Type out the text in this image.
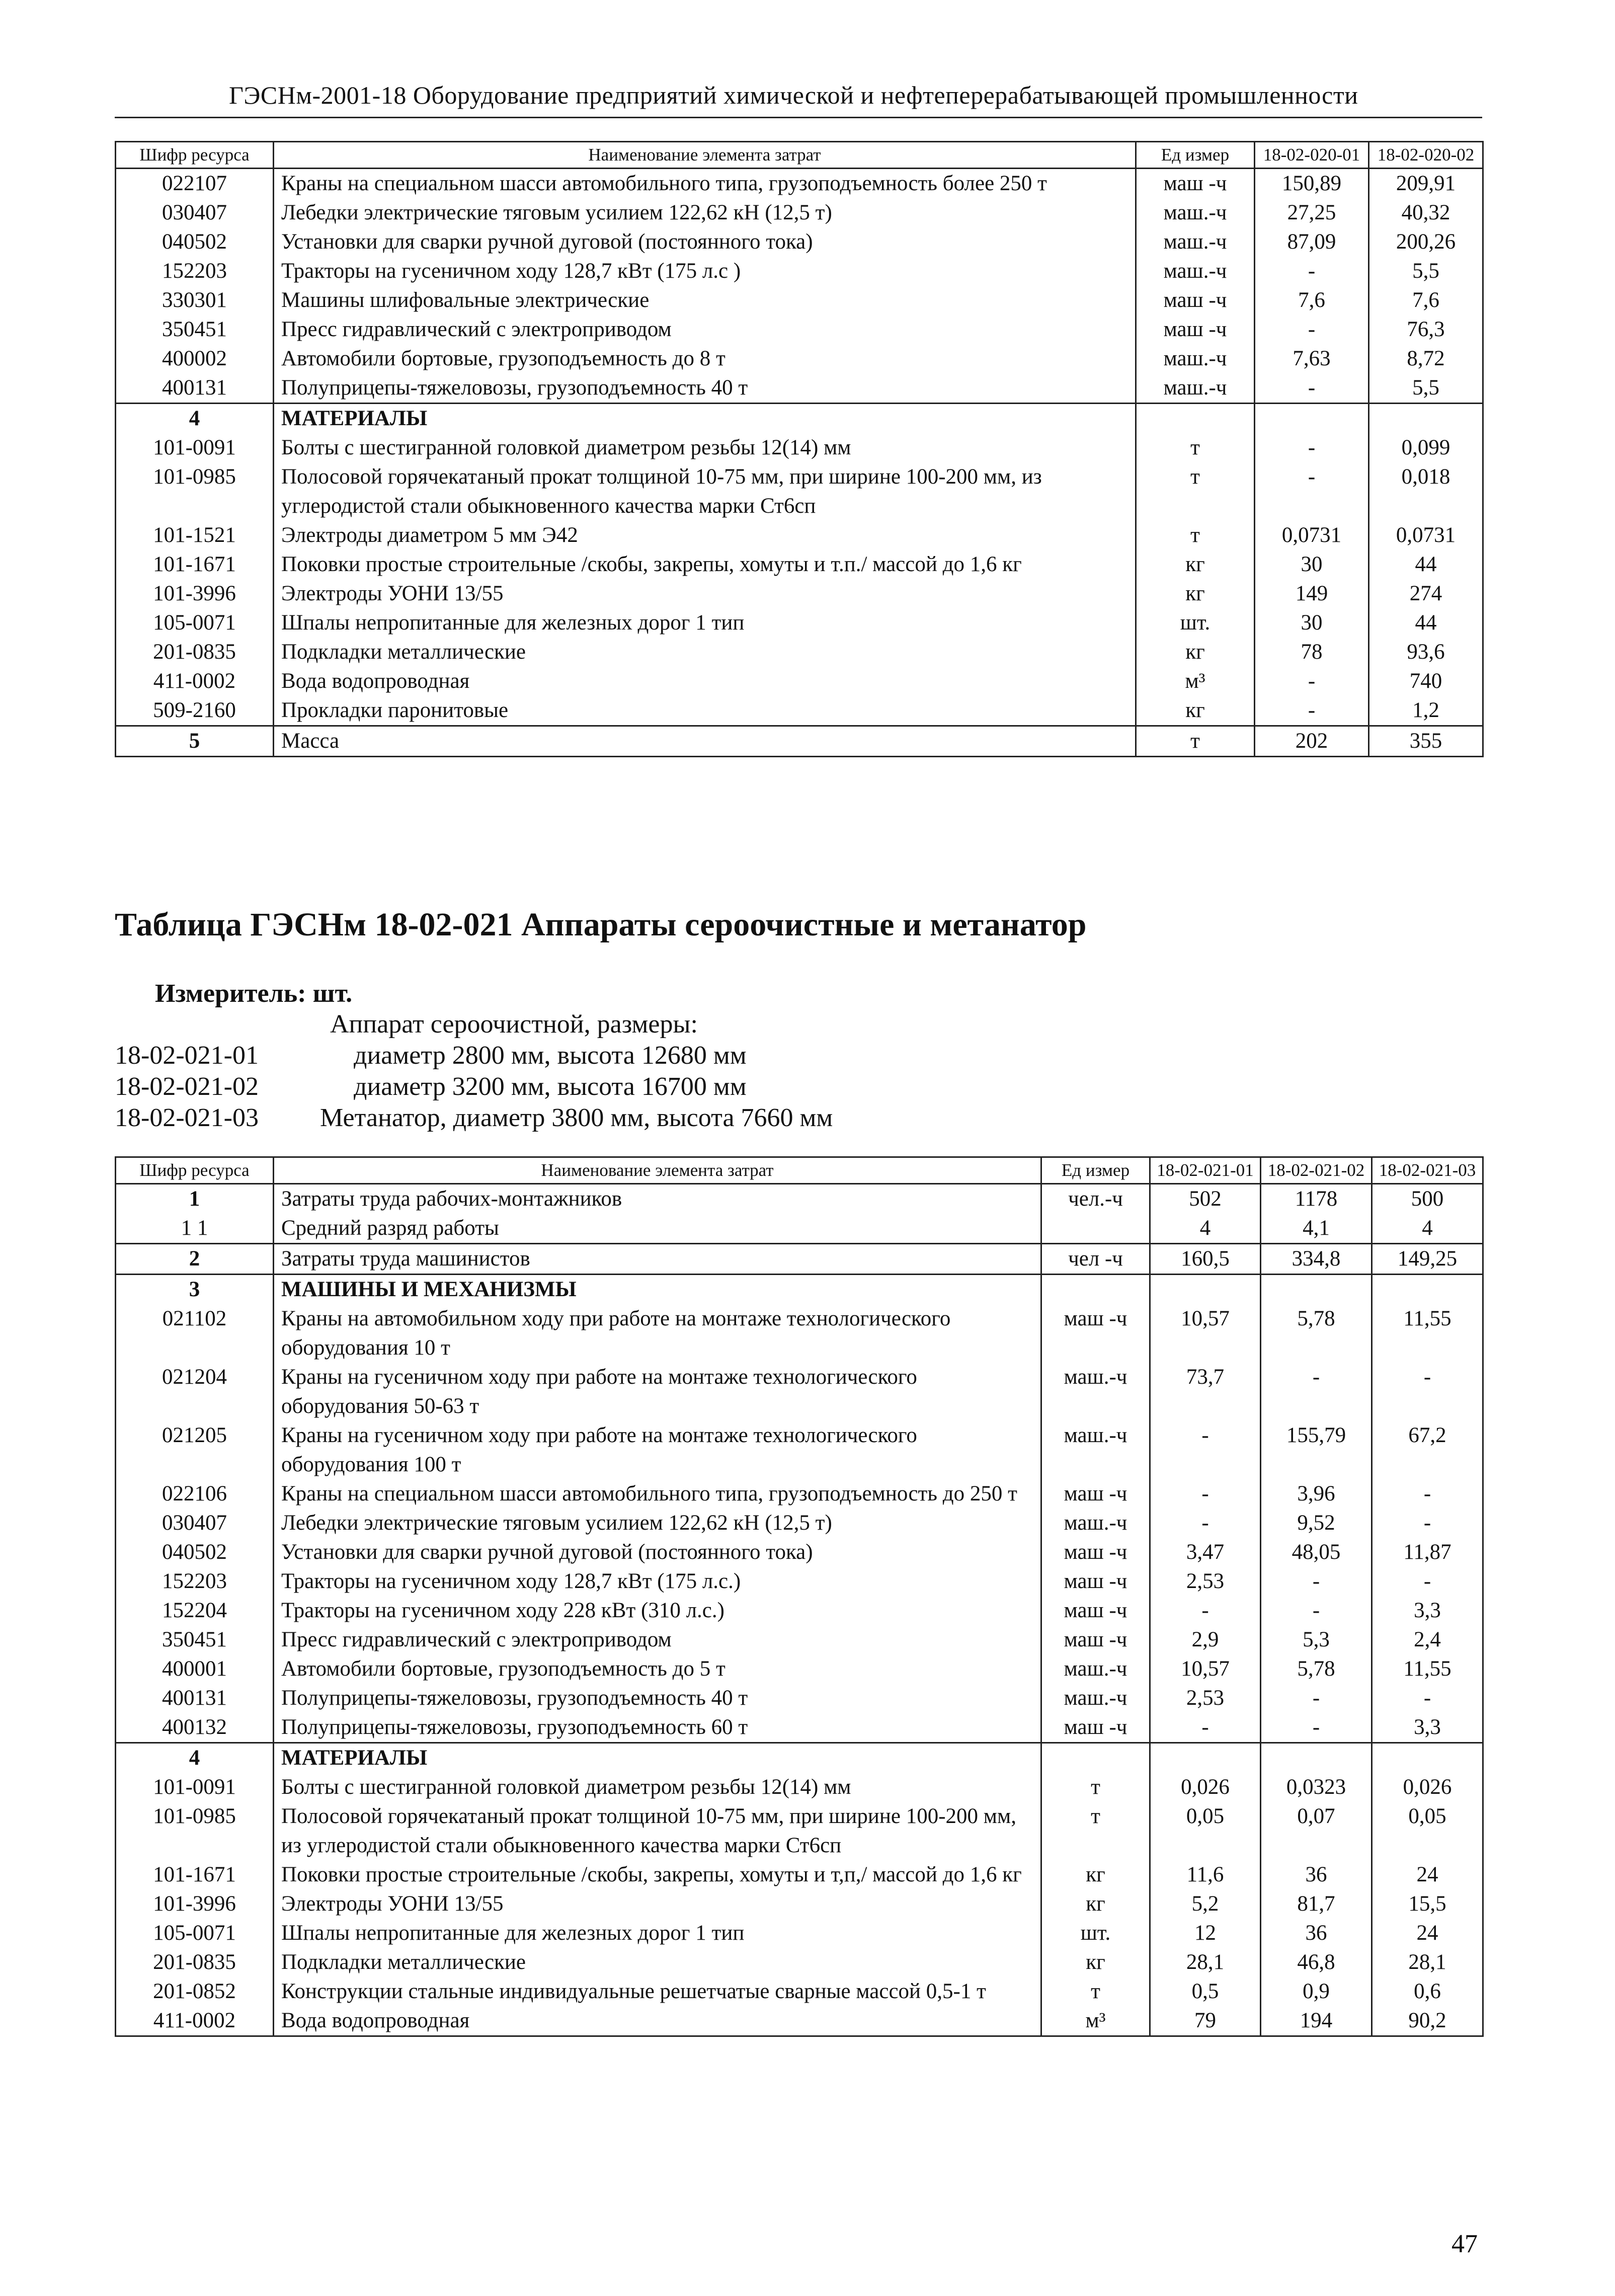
ГЭСНм-2001-18 Оборудование предприятий химической и нефтеперерабатывающей промышленности
Шифр ресурса	Наименование элемента затрат	Ед измер	18-02-020-01	18-02-020-02
022107	Краны на специальном шасси автомобильного типа, грузоподъемность более 250 т	маш -ч	150,89	209,91
030407	Лебедки электрические тяговым усилием 122,62 кН (12,5 т)	маш.-ч	27,25	40,32
040502	Установки для сварки ручной дуговой (постоянного тока)	маш.-ч	87,09	200,26
152203	Тракторы на гусеничном ходу 128,7 кВт (175 л.с )	маш.-ч	-	5,5
330301	Машины шлифовальные электрические	маш -ч	7,6	7,6
350451	Пресс гидравлический с электроприводом	маш -ч	-	76,3
400002	Автомобили бортовые, грузоподъемность до 8 т	маш.-ч	7,63	8,72
400131	Полуприцепы-тяжеловозы, грузоподъемность 40 т	маш.-ч	-	5,5
4	МАТЕРИАЛЫ			
101-0091	Болты с шестигранной головкой диаметром резьбы 12(14) мм	т	-	0,099
101-0985	Полосовой горячекатаный прокат толщиной 10-75 мм, при ширине 100-200 мм, из углеродистой стали обыкновенного качества марки Ст6сп	т	-	0,018
101-1521	Электроды диаметром 5 мм Э42	т	0,0731	0,0731
101-1671	Поковки простые строительные /скобы, закрепы, хомуты и т.п./ массой до 1,6 кг	кг	30	44
101-3996	Электроды УОНИ 13/55	кг	149	274
105-0071	Шпалы непропитанные для железных дорог 1 тип	шт.	30	44
201-0835	Подкладки металлические	кг	78	93,6
411-0002	Вода водопроводная	м³	-	740
509-2160	Прокладки паронитовые	кг	-	1,2
5	Масса	т	202	355
Таблица ГЭСНм 18-02-021 Аппараты сероочистные и метанатор
Измеритель: шт.
Аппарат сероочистной, размеры:
18-02-021-01	диаметр 2800 мм, высота 12680 мм
18-02-021-02	диаметр 3200 мм, высота 16700 мм
18-02-021-03 Метанатор, диаметр 3800 мм, высота 7660 мм
Шифр ресурса	Наименование элемента затрат	Ед измер	18-02-021-01	18-02-021-02	18-02-021-03
1	Затраты труда рабочих-монтажников	чел.-ч	502	1178	500
1 1	Средний разряд работы		4	4,1	4
2	Затраты труда машинистов	чел -ч	160,5	334,8	149,25
3	МАШИНЫ И МЕХАНИЗМЫ				
021102	Краны на автомобильном ходу при работе на монтаже технологического оборудования 10 т	маш -ч	10,57	5,78	11,55
021204	Краны на гусеничном ходу при работе на монтаже технологического оборудования 50-63 т	маш.-ч	73,7	-	-
021205	Краны на гусеничном ходу при работе на монтаже технологического оборудования 100 т	маш.-ч	-	155,79	67,2
022106	Краны на специальном шасси автомобильного типа, грузоподъемность до 250 т	маш -ч	-	3,96	-
030407	Лебедки электрические тяговым усилием 122,62 кН (12,5 т)	маш.-ч	-	9,52	-
040502	Установки для сварки ручной дуговой (постоянного тока)	маш -ч	3,47	48,05	11,87
152203	Тракторы на гусеничном ходу 128,7 кВт (175 л.с.)	маш -ч	2,53	-	-
152204	Тракторы на гусеничном ходу 228 кВт (310 л.с.)	маш -ч	-	-	3,3
350451	Пресс гидравлический с электроприводом	маш -ч	2,9	5,3	2,4
400001	Автомобили бортовые, грузоподъемность до 5 т	маш.-ч	10,57	5,78	11,55
400131	Полуприцепы-тяжеловозы, грузоподъемность 40 т	маш.-ч	2,53	-	-
400132	Полуприцепы-тяжеловозы, грузоподъемность 60 т	маш -ч	-	-	3,3
4	МАТЕРИАЛЫ				
101-0091	Болты с шестигранной головкой диаметром резьбы 12(14) мм	т	0,026	0,0323	0,026
101-0985	Полосовой горячекатаный прокат толщиной 10-75 мм, при ширине 100-200 мм, из углеродистой стали обыкновенного качества марки Ст6сп	т	0,05	0,07	0,05
101-1671	Поковки простые строительные /скобы, закрепы, хомуты и т,п,/ массой до 1,6 кг	кг	11,6	36	24
101-3996	Электроды УОНИ 13/55	кг	5,2	81,7	15,5
105-0071	Шпалы непропитанные для железных дорог 1 тип	шт.	12	36	24
201-0835	Подкладки металлические	кг	28,1	46,8	28,1
201-0852	Конструкции стальные индивидуальные решетчатые сварные массой 0,5-1 т	т	0,5	0,9	0,6
411-0002	Вода водопроводная	м³	79	194	90,2
47
